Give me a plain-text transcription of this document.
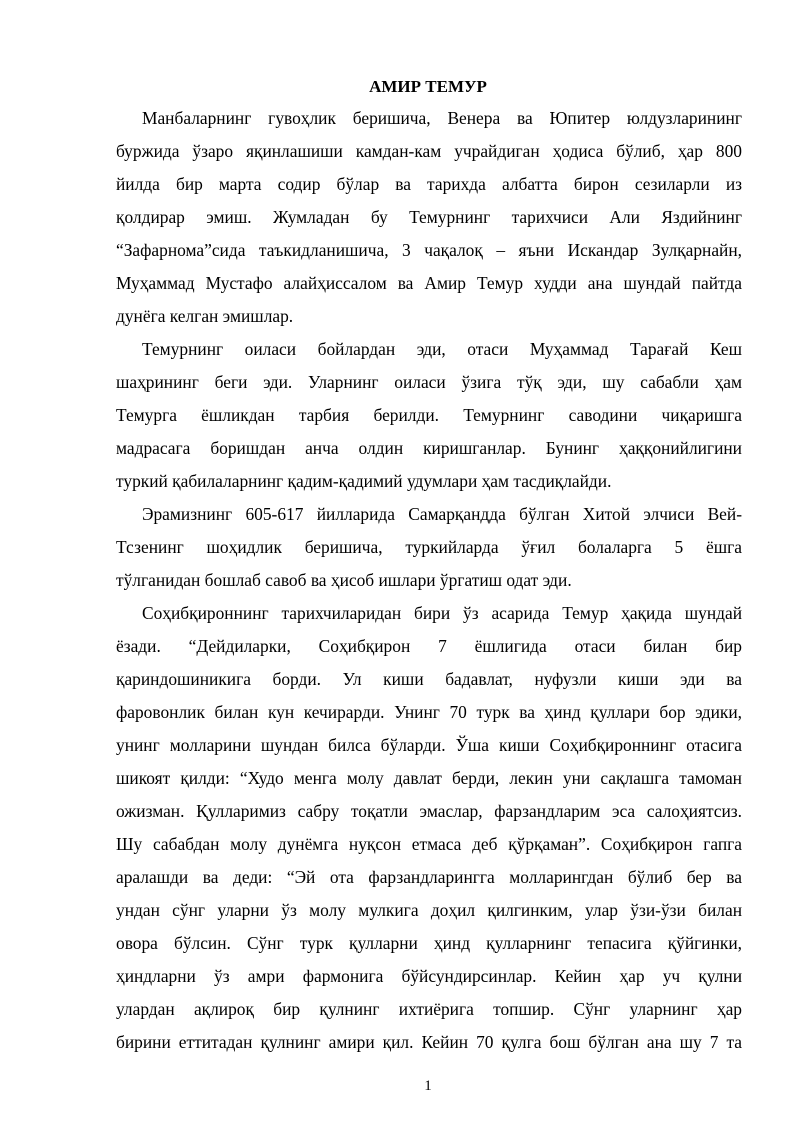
АМИР ТЕМУР
Манбаларнинг гувоҳлик беришича, Венера ва Юпитер юлдузларининг
буржида ўзаро яқинлашиши камдан-кам учрайдиган ҳодиса бўлиб, ҳар 800
йилда бир марта содир бўлар ва тарихда албатта бирон сезиларли из
қолдирар эмиш. Жумладан бу Темурнинг тарихчиси Али Яздийнинг
“Зафарнома”сида таъкидланишича, 3 чақалоқ – яъни Искандар Зулқарнайн,
Муҳаммад Мустафо алайҳиссалом ва Амир Темур худди ана шундай пайтда
дунёга келган эмишлар.
Темурнинг оиласи бойлардан эди, отаси Муҳаммад Тарағай Кеш
шаҳрининг беги эди. Уларнинг оиласи ўзига тўқ эди, шу сабабли ҳам
Темурга ёшликдан тарбия берилди. Темурнинг саводини чиқаришга
мадрасага боришдан анча олдин киришганлар. Бунинг ҳаққонийлигини
туркий қабилаларнинг қадим-қадимий удумлари ҳам тасдиқлайди.
Эрамизнинг 605-617 йилларида Самарқандда бўлган Хитой элчиси Вей-
Тсзенинг шоҳидлик беришича, туркийларда ўғил болаларга 5 ёшга
тўлганидан бошлаб савоб ва ҳисоб ишлари ўргатиш одат эди.
Соҳибқироннинг тарихчиларидан бири ўз асарида Темур ҳақида шундай
ёзади. “Дейдиларки, Соҳибқирон 7 ёшлигида отаси билан бир
қариндошиникига борди. Ул киши бадавлат, нуфузли киши эди ва
фаровонлик билан кун кечирарди. Унинг 70 турк ва ҳинд қуллари бор эдики,
унинг молларини шундан билса бўларди. Ўша киши Соҳибқироннинг отасига
шикоят қилди: “Худо менга молу давлат берди, лекин уни сақлашга тамоман
ожизман. Қулларимиз сабру тоқатли эмаслар, фарзандларим эса салоҳиятсиз.
Шу сабабдан молу дунёмга нуқсон етмаса деб қўрқаман”. Соҳибқирон гапга
аралашди ва деди: “Эй ота фарзандларингга молларингдан бўлиб бер ва
ундан сўнг уларни ўз молу мулкига доҳил қилгинким, улар ўзи-ўзи билан
овора бўлсин. Сўнг турк қулларни ҳинд қулларнинг тепасига қўйгинки,
ҳиндларни ўз амри фармонига бўйсундирсинлар. Кейин ҳар уч қулни
улардан ақлироқ бир қулнинг ихтиёрига топшир. Сўнг уларнинг ҳар
бирини еттитадан қулнинг амири қил. Кейин 70 қулга бош бўлган ана шу 7 та
1
